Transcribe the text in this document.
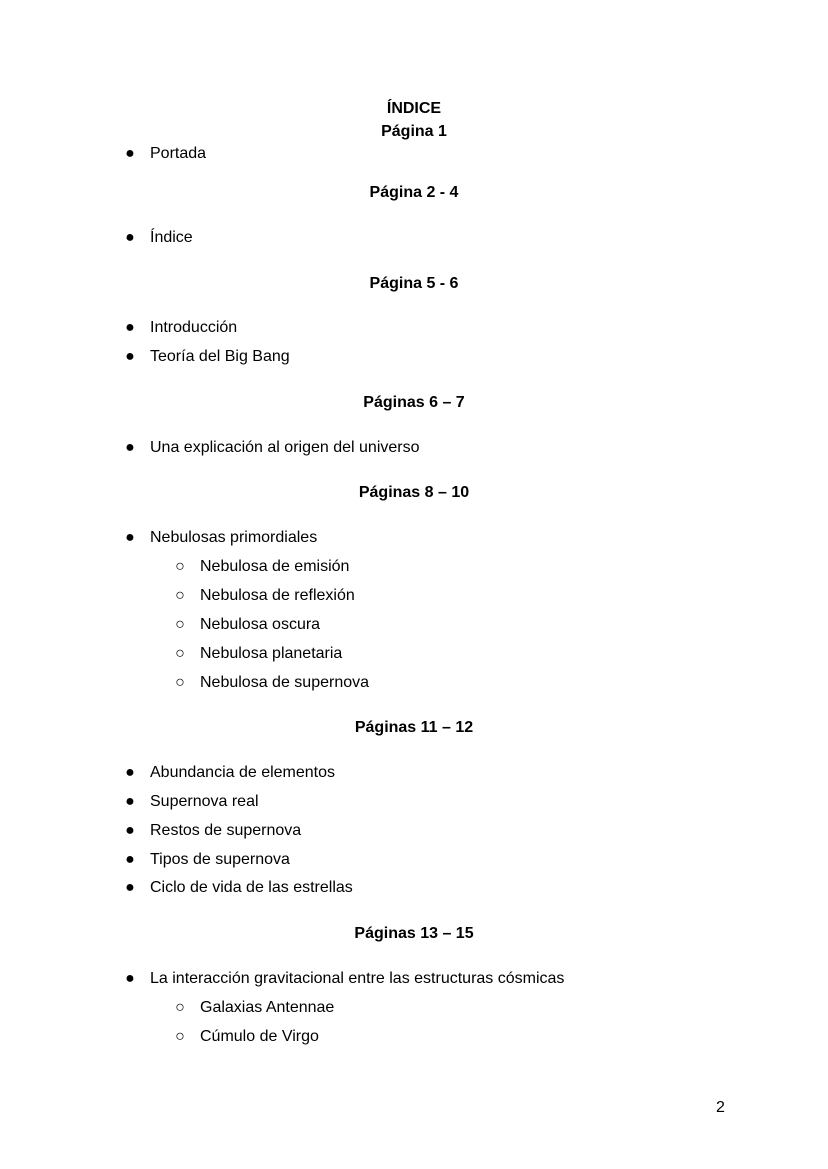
ÍNDICE
Página 1
● Portada
Página 2 - 4
● Índice
Página 5 - 6
● Introducción
● Teoría del Big Bang
Páginas 6 – 7
● Una explicación al origen del universo
Páginas 8 – 10
● Nebulosas primordiales
○ Nebulosa de emisión
○ Nebulosa de reflexión
○ Nebulosa oscura
○ Nebulosa planetaria
○ Nebulosa de supernova
Páginas 11 – 12
● Abundancia de elementos
● Supernova real
● Restos de supernova
● Tipos de supernova
● Ciclo de vida de las estrellas
Páginas 13 – 15
● La interacción gravitacional entre las estructuras cósmicas
○ Galaxias Antennae
○ Cúmulo de Virgo
2
